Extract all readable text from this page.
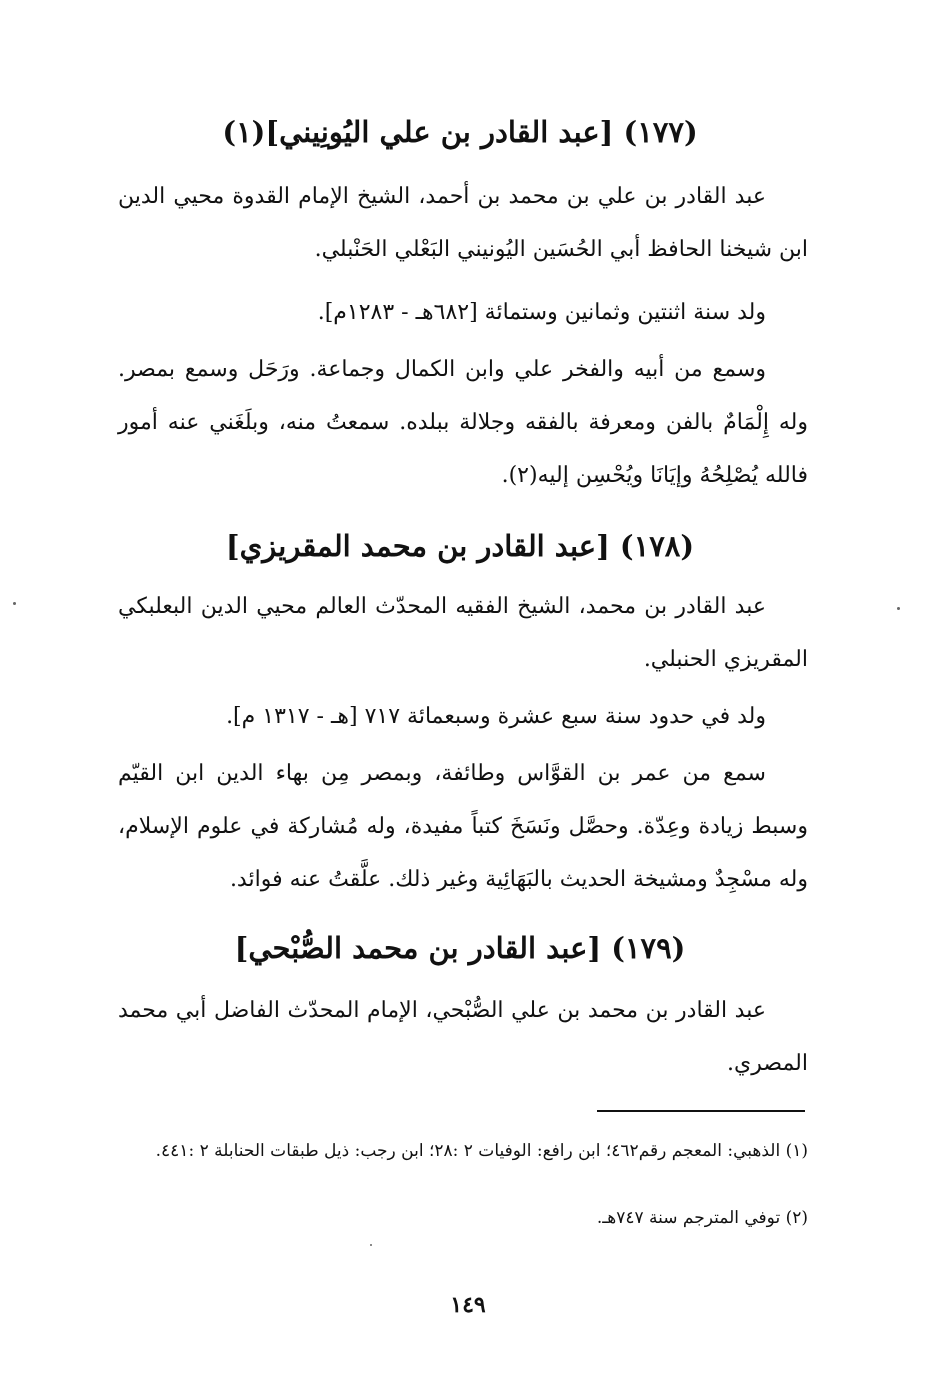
(١٧٧) [عبد القادر بن علي اليُونِيني](١)
عبد القادر بن علي بن محمد بن أحمد، الشيخ الإمام القدوة محيي الدين ابن شيخنا الحافظ أبي الحُسَين اليُونيني البَعْلي الحَنْبلي.
ولد سنة اثنتين وثمانين وستمائة [٦٨٢هـ - ١٢٨٣م].
وسمع من أبيه والفخر علي وابن الكمال وجماعة. ورَحَل وسمع بمصر. وله إِلْمَامٌ بالفن ومعرفة بالفقه وجلالة ببلده. سمعتُ منه، وبلَغَني عنه أمور فالله يُصْلِحُهُ وإيَانَا ويُحْسِن إليه(٢).
(١٧٨) [عبد القادر بن محمد المقريزي]
عبد القادر بن محمد، الشيخ الفقيه المحدّث العالم محيي الدين البعلبكي المقريزي الحنبلي.
ولد في حدود سنة سبع عشرة وسبعمائة ٧١٧ [هـ - ١٣١٧ م].
سمع من عمر بن القوَّاس وطائفة، وبمصر مِن بهاء الدين ابن القيّم وسبط زيادة وعِدّة. وحصَّل ونَسَخَ كتباً مفيدة، وله مُشاركة في علوم الإسلام، وله مسْجِدٌ ومشيخة الحديث بالبَهَائِية وغير ذلك. علَّقتُ عنه فوائد.
(١٧٩) [عبد القادر بن محمد الصُّبْحي]
عبد القادر بن محمد بن علي الصُّبْحي، الإمام المحدّث الفاضل أبي محمد المصري.
(١) الذهبي: المعجم رقم٤٦٢؛ ابن رافع: الوفيات ٢ :٢٨؛ ابن رجب: ذيل طبقات الحنابلة ٢ :٤٤١.
(٢) توفي المترجم سنة ٧٤٧هـ.
١٤٩
